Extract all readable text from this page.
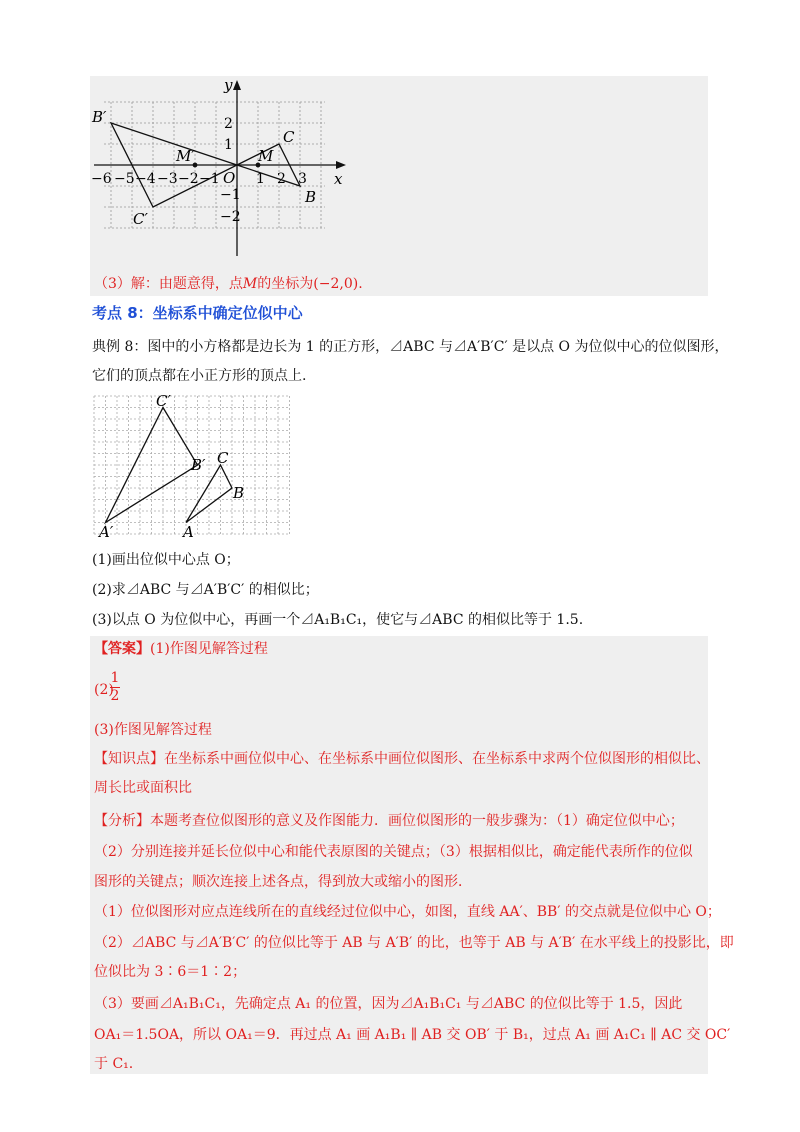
x
y
O
−6 −5 −4 −3 −2 −1	1 2 3
2
1
−1
−2
B′
C′
M′	M
C
B
（3）解：由题意得，点M的坐标为(−2,0).
考点 8：坐标系中确定位似中心
典例 8：图中的小方格都是边长为 1 的正方形，⊿ABC 与⊿A′B′C′ 是以点 O 为位似中心的位似图形，
它们的顶点都在小正方形的顶点上.
C′
B′
A′
C
B
A
(1)画出位似中心点 O；
(2)求⊿ABC 与⊿A′B′C′ 的相似比；
(3)以点 O 为位似中心，再画一个⊿A₁B₁C₁，使它与⊿ABC 的相似比等于 1.5.
【答案】(1)作图见解答过程
(2)
1
2
(3)作图见解答过程
【知识点】在坐标系中画位似中心、在坐标系中画位似图形、在坐标系中求两个位似图形的相似比、
周长比或面积比
【分析】本题考查位似图形的意义及作图能力．画位似图形的一般步骤为：（1）确定位似中心；
（2）分别连接并延长位似中心和能代表原图的关键点；（3）根据相似比，确定能代表所作的位似
图形的关键点；顺次连接上述各点，得到放大或缩小的图形．
（1）位似图形对应点连线所在的直线经过位似中心，如图，直线 AA′、BB′ 的交点就是位似中心 O；
（2）⊿ABC 与⊿A′B′C′ 的位似比等于 AB 与 A′B′ 的比，也等于 AB 与 A′B′ 在水平线上的投影比，即
位似比为 3∶6＝1∶2；
（3）要画⊿A₁B₁C₁，先确定点 A₁ 的位置，因为⊿A₁B₁C₁ 与⊿ABC 的位似比等于 1.5，因此
OA₁＝1.5OA，所以 OA₁＝9．再过点 A₁ 画 A₁B₁ ∥ AB 交 OB′ 于 B₁，过点 A₁ 画 A₁C₁ ∥ AC 交 OC′
于 C₁.
